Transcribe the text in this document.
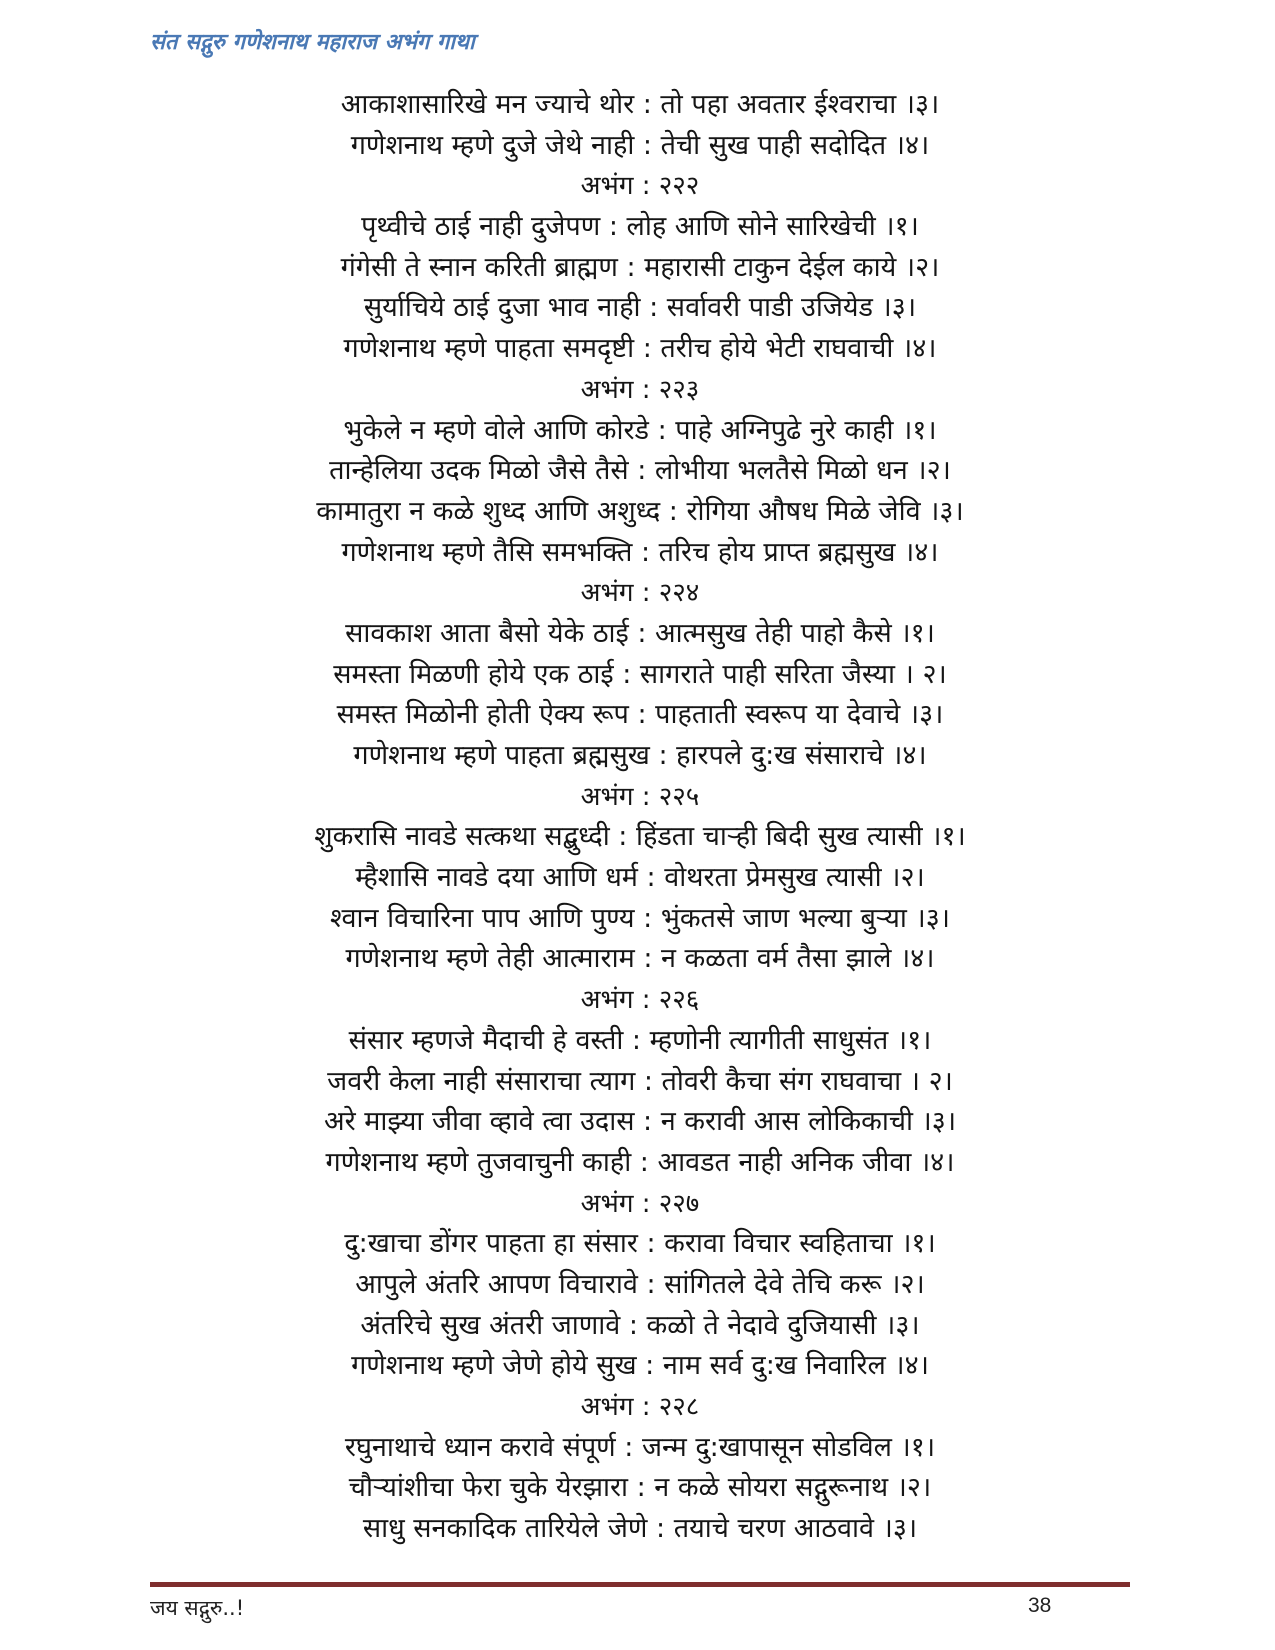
संत सद्गुरु गणेशनाथ महाराज अभंग गाथा
आकाशासारिखे मन ज्याचे थोर : तो पहा अवतार ईश्वराचा ।३।
गणेशनाथ म्हणे दुजे जेथे नाही : तेची सुख पाही सदोदित ।४।
अभंग : २२२
पृथ्वीचे ठाई नाही दुजेपण : लोह आणि सोने सारिखेची ।१।
गंगेसी ते स्नान करिती ब्राह्मण : महारासी टाकुन देईल काये ।२।
सुर्याचिये ठाई दुजा भाव नाही : सर्वावरी पाडी उजियेड ।३।
गणेशनाथ म्हणे पाहता समदृष्टी : तरीच होये भेटी राघवाची ।४।
अभंग : २२३
भुकेले न म्हणे वोले आणि कोरडे : पाहे अग्निपुढे नुरे काही ।१।
तान्हेलिया उदक मिळो जैसे तैसे : लोभीया भलतैसे मिळो धन ।२।
कामातुरा न कळे शुध्द आणि अशुध्द : रोगिया औषध मिळे जेवि ।३।
गणेशनाथ म्हणे तैसि समभक्ति : तरिच होय प्राप्त ब्रह्मसुख ।४।
अभंग : २२४
सावकाश आता बैसो येके ठाई : आत्मसुख तेही पाहो कैसे ।१।
समस्ता मिळणी होये एक ठाई : सागराते पाही सरिता जैस्या । २।
समस्त मिळोनी होती ऐक्य रूप : पाहताती स्वरूप या देवाचे ।३।
गणेशनाथ म्हणे पाहता ब्रह्मसुख : हारपले दु:ख संसाराचे ।४।
अभंग : २२५
शुकरासि नावडे सत्कथा सद्बुध्दी : हिंडता चाऱ्ही बिदी सुख त्यासी ।१।
म्हैशासि नावडे दया आणि धर्म : वोथरता प्रेमसुख त्यासी ।२।
श्वान विचारिना पाप आणि पुण्य : भुंकतसे जाण भल्या बुऱ्या ।३।
गणेशनाथ म्हणे तेही आत्माराम : न कळता वर्म तैसा झाले ।४।
अभंग : २२६
संसार म्हणजे मैदाची हे वस्ती : म्हणोनी त्यागीती साधुसंत ।१।
जवरी केला नाही संसाराचा त्याग : तोवरी कैचा संग राघवाचा । २।
अरे माझ्या जीवा व्हावे त्वा उदास : न करावी आस लोकिकाची ।३।
गणेशनाथ म्हणे तुजवाचुनी काही : आवडत नाही अनिक जीवा ।४।
अभंग : २२७
दु:खाचा डोंगर पाहता हा संसार : करावा विचार स्वहिताचा ।१।
आपुले अंतरि आपण विचारावे : सांगितले देवे तेचि करू ।२।
अंतरिचे सुख अंतरी जाणावे : कळो ते नेदावे दुजियासी ।३।
गणेशनाथ म्हणे जेणे होये सुख : नाम सर्व दु:ख निवारिल ।४।
अभंग : २२८
रघुनाथाचे ध्यान करावे संपूर्ण : जन्म दु:खापासून सोडविल ।१।
चौऱ्यांशीचा फेरा चुके येरझारा : न कळे सोयरा सद्गुरूनाथ ।२।
साधु सनकादिक तारियेले जेणे : तयाचे चरण आठवावे ।३।
जय सद्गुरु..!	38
